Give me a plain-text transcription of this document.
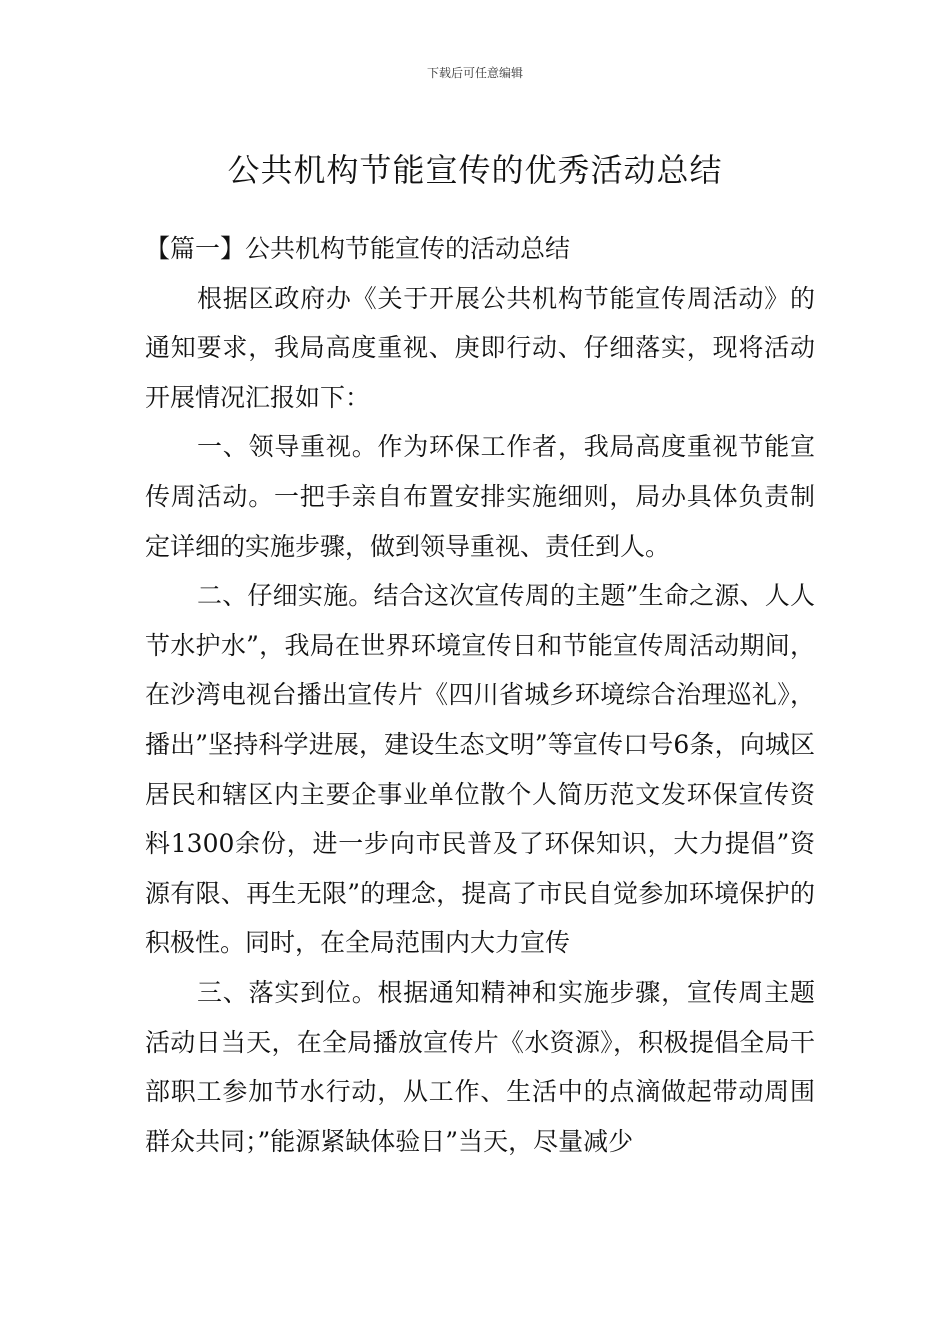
下载后可任意编辑
公共机构节能宣传的优秀活动总结

【篇一】公共机构节能宣传的活动总结

根据区政府办《关于开展公共机构节能宣传周活动》的通知要求，我局高度重视、庚即行动、仔细落实，现将活动开展情况汇报如下：

一、领导重视。作为环保工作者，我局高度重视节能宣传周活动。一把手亲自布置安排实施细则，局办具体负责制定详细的实施步骤，做到领导重视、责任到人。

二、仔细实施。结合这次宣传周的主题”生命之源、人人节水护水”，我局在世界环境宣传日和节能宣传周活动期间，在沙湾电视台播出宣传片《四川省城乡环境综合治理巡礼》，播出”坚持科学进展，建设生态文明”等宣传口号6条，向城区居民和辖区内主要企事业单位散个人简历范文发环保宣传资料1300余份，进一步向市民普及了环保知识，大力提倡”资源有限、再生无限”的理念，提高了市民自觉参加环境保护的积极性。同时，在全局范围内大力宣传

三、落实到位。根据通知精神和实施步骤，宣传周主题活动日当天，在全局播放宣传片《水资源》，积极提倡全局干部职工参加节水行动，从工作、生活中的点滴做起带动周围群众共同；”能源紧缺体验日”当天，尽量减少
